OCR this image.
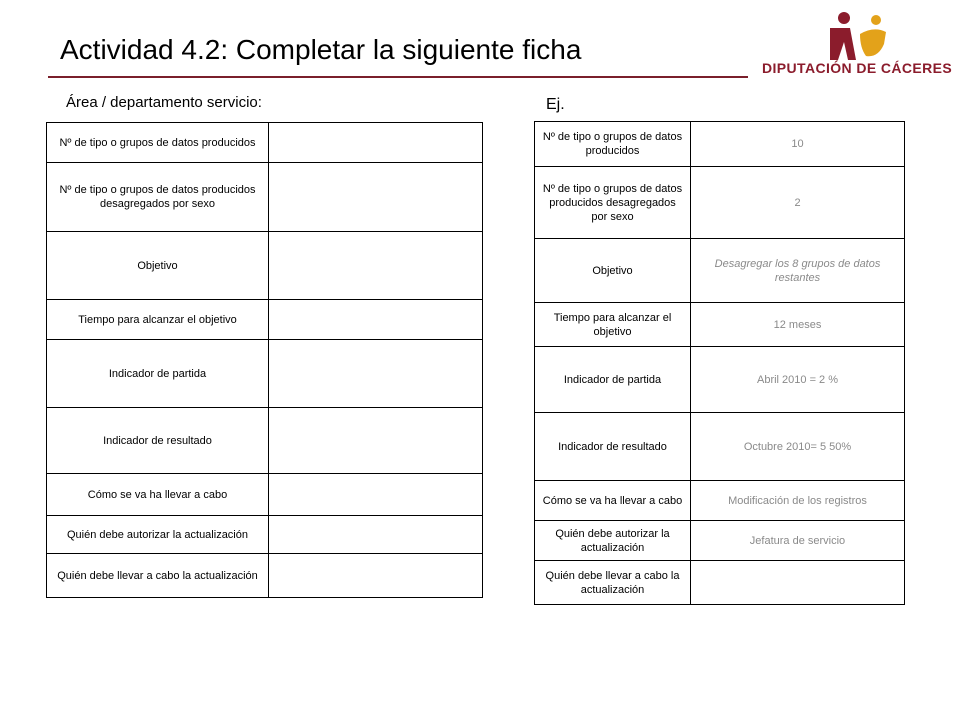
Actividad 4.2: Completar la siguiente ficha
DIPUTACIÓN DE CÁCERES
Área / departamento servicio:	Ej.
Nº de tipo o grupos de datos producidos	
Nº de tipo o grupos de datos producidos desagregados por sexo	
Objetivo	
Tiempo para alcanzar el objetivo	
Indicador de partida	
Indicador de resultado	
Cómo se va ha llevar a cabo	
Quién debe autorizar la actualización	
Quién debe llevar a cabo la actualización	
Nº de tipo o grupos de datos producidos	10
Nº de tipo o grupos de datos producidos desagregados por sexo	2
Objetivo	Desagregar los 8 grupos de datos restantes
Tiempo para alcanzar el objetivo	12 meses
Indicador de partida	Abril 2010 = 2 %
Indicador de resultado	Octubre 2010= 5 50%
Cómo se va ha llevar a cabo	Modificación de los registros
Quién debe autorizar la actualización	Jefatura de servicio
Quién debe llevar a cabo la actualización	
